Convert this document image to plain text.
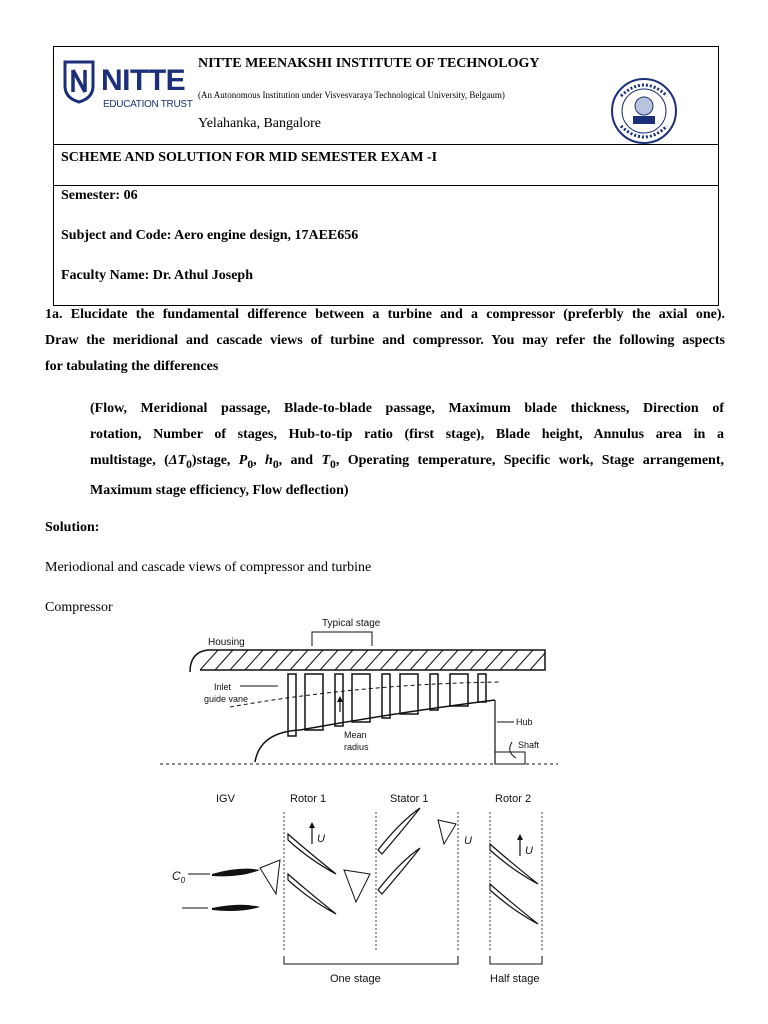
NITTE
EDUCATION TRUST
NITTE MEENAKSHI INSTITUTE OF TECHNOLOGY
(An Autonomous Institution under Visvesvaraya Technological University, Belgaum)
Yelahanka, Bangalore
SCHEME AND SOLUTION FOR MID SEMESTER EXAM -I
Semester: 06
Subject and Code: Aero engine design, 17AEE656
Faculty Name: Dr. Athul Joseph
1a. Elucidate the fundamental difference between a turbine and a compressor (preferbly the axial one).
Draw the meridional and cascade views of turbine and compressor. You may refer the following aspects
for tabulating the differences
(Flow, Meridional passage, Blade-to-blade passage, Maximum blade thickness, Direction of
rotation, Number of stages, Hub-to-tip ratio (first stage), Blade height, Annulus area in a
multistage, $(\Delta T_0)stage$, $P_0$, $h_0$, and $T_0$, Operating temperature, Specific work, Stage arrangement,
Maximum stage efficiency, Flow deflection)
Solution:
Meriodional and cascade views of compressor and turbine
Compressor
Typical stage
Housing
Inlet
guide vane
Mean
radius
Hub
Shaft
IGV	Rotor 1	Stator 1	Rotor 2
$C_0$
U	U
U
One stage	Half stage
